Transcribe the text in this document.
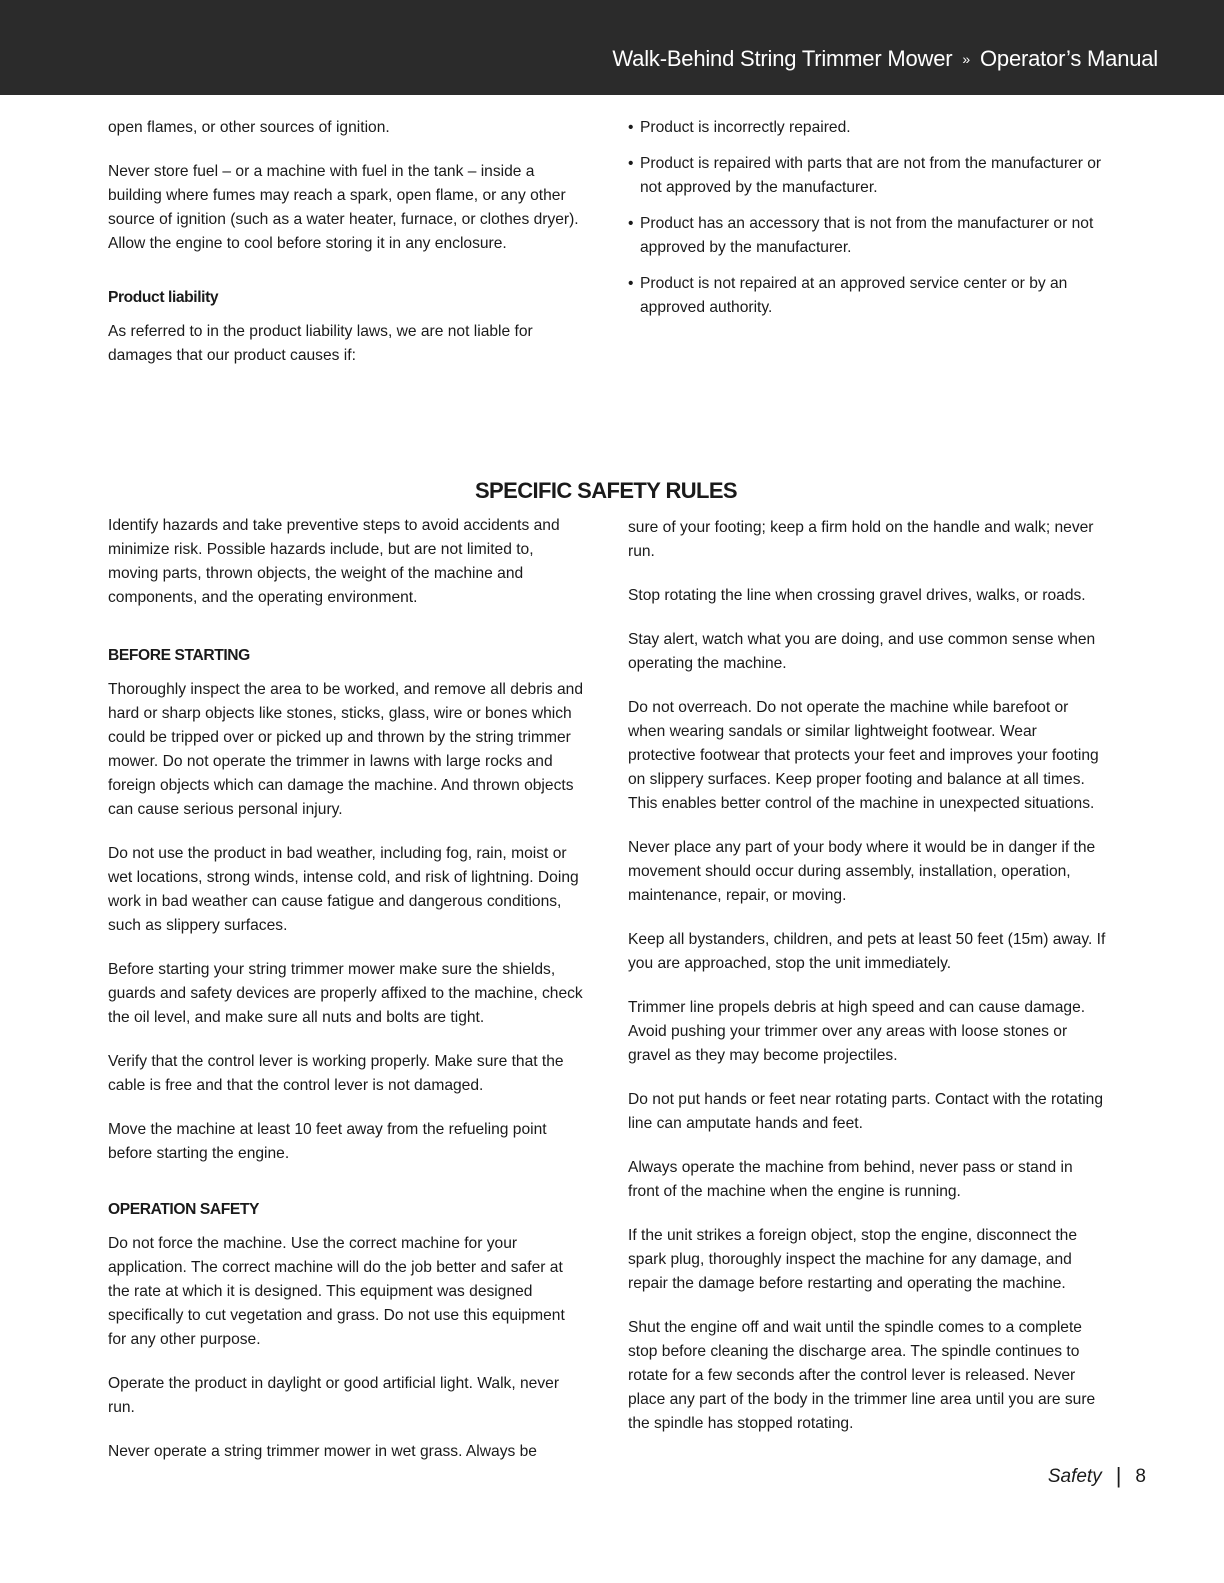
Walk-Behind String Trimmer Mower » Operator’s Manual

open flames, or other sources of ignition.

Never store fuel – or a machine with fuel in the tank – inside a building where fumes may reach a spark, open flame, or any other source of ignition (such as a water heater, furnace, or clothes dryer). Allow the engine to cool before storing it in any enclosure.

Product liability

As referred to in the product liability laws, we are not liable for damages that our product causes if:

• Product is incorrectly repaired.
• Product is repaired with parts that are not from the manufacturer or not approved by the manufacturer.
• Product has an accessory that is not from the manufacturer or not approved by the manufacturer.
• Product is not repaired at an approved service center or by an approved authority.
SPECIFIC SAFETY RULES

Identify hazards and take preventive steps to avoid accidents and minimize risk. Possible hazards include, but are not limited to, moving parts, thrown objects, the weight of the machine and components, and the operating environment.

BEFORE STARTING

Thoroughly inspect the area to be worked, and remove all debris and hard or sharp objects like stones, sticks, glass, wire or bones which could be tripped over or picked up and thrown by the string trimmer mower. Do not operate the trimmer in lawns with large rocks and foreign objects which can damage the machine. And thrown objects can cause serious personal injury.

Do not use the product in bad weather, including fog, rain, moist or wet locations, strong winds, intense cold, and risk of lightning. Doing work in bad weather can cause fatigue and dangerous conditions, such as slippery surfaces.

Before starting your string trimmer mower make sure the shields, guards and safety devices are properly affixed to the machine, check the oil level, and make sure all nuts and bolts are tight.

Verify that the control lever is working properly. Make sure that the cable is free and that the control lever is not damaged.

Move the machine at least 10 feet away from the refueling point before starting the engine.

OPERATION SAFETY

Do not force the machine. Use the correct machine for your application. The correct machine will do the job better and safer at the rate at which it is designed. This equipment was designed specifically to cut vegetation and grass. Do not use this equipment for any other purpose.

Operate the product in daylight or good artificial light. Walk, never run.

Never operate a string trimmer mower in wet grass. Always be

sure of your footing; keep a firm hold on the handle and walk; never run.

Stop rotating the line when crossing gravel drives, walks, or roads.

Stay alert, watch what you are doing, and use common sense when operating the machine.

Do not overreach. Do not operate the machine while barefoot or when wearing sandals or similar lightweight footwear. Wear protective footwear that protects your feet and improves your footing on slippery surfaces. Keep proper footing and balance at all times. This enables better control of the machine in unexpected situations.

Never place any part of your body where it would be in danger if the movement should occur during assembly, installation, operation, maintenance, repair, or moving.

Keep all bystanders, children, and pets at least 50 feet (15m) away. If you are approached, stop the unit immediately.

Trimmer line propels debris at high speed and can cause damage. Avoid pushing your trimmer over any areas with loose stones or gravel as they may become projectiles.

Do not put hands or feet near rotating parts. Contact with the rotating line can amputate hands and feet.

Always operate the machine from behind, never pass or stand in front of the machine when the engine is running.

If the unit strikes a foreign object, stop the engine, disconnect the spark plug, thoroughly inspect the machine for any damage, and repair the damage before restarting and operating the machine.

Shut the engine off and wait until the spindle comes to a complete stop before cleaning the discharge area. The spindle continues to rotate for a few seconds after the control lever is released. Never place any part of the body in the trimmer line area until you are sure the spindle has stopped rotating.

Safety | 8
